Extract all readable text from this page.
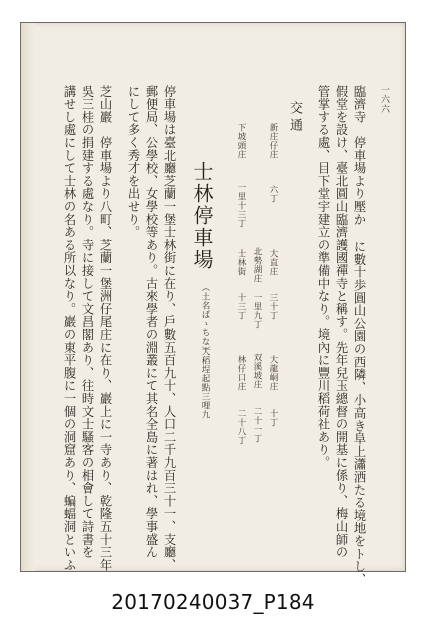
一六六
臨濟寺　停車場より壓か に數十歩圓山公園の西隣、小高き阜上瀟洒たる境地をトし、
假堂を設け、臺北圓山臨濟護國禪寺と稱す。先年兒玉總督の開基に係り、梅山師の
管掌する處、目下堂宇建立の準備中なり。境內に豐川稻荷社あり。
交通
新庄仔庄
六丁
大直庄
三十丁
大龍峒庄
十丁
北勢湖庄
一里九丁
双溪坡庄
二十一丁
下坡頭庄
一里十三丁
士林街
十三丁
林仔口庄
二十八丁
士林停車場
（土名ばゝちな）
大稻埕起點三哩九
停車場は臺北廳芝蘭一堡士林街に在り、戶數五百九十、人口二千九百三十一、支廳、
郵便局、公學校、女學校等あり。古來學者の淵叢にて其名全島に著はれ、學事盛ん
にして多く秀才を出せり。
芝山巖　停車場より八町、芝蘭一堡洲仔尾庄に在り、巖上に一寺あり、乾隆五十三年
吳三桂の捐建する處なり。寺に接して文昌閣あり、往時文士騷客の相會して詩書を
講せし處にして士林の名ある所以なり。巖の東平腹に一個の洞窟あり、蝙蝠洞といふ
20170240037_P184
